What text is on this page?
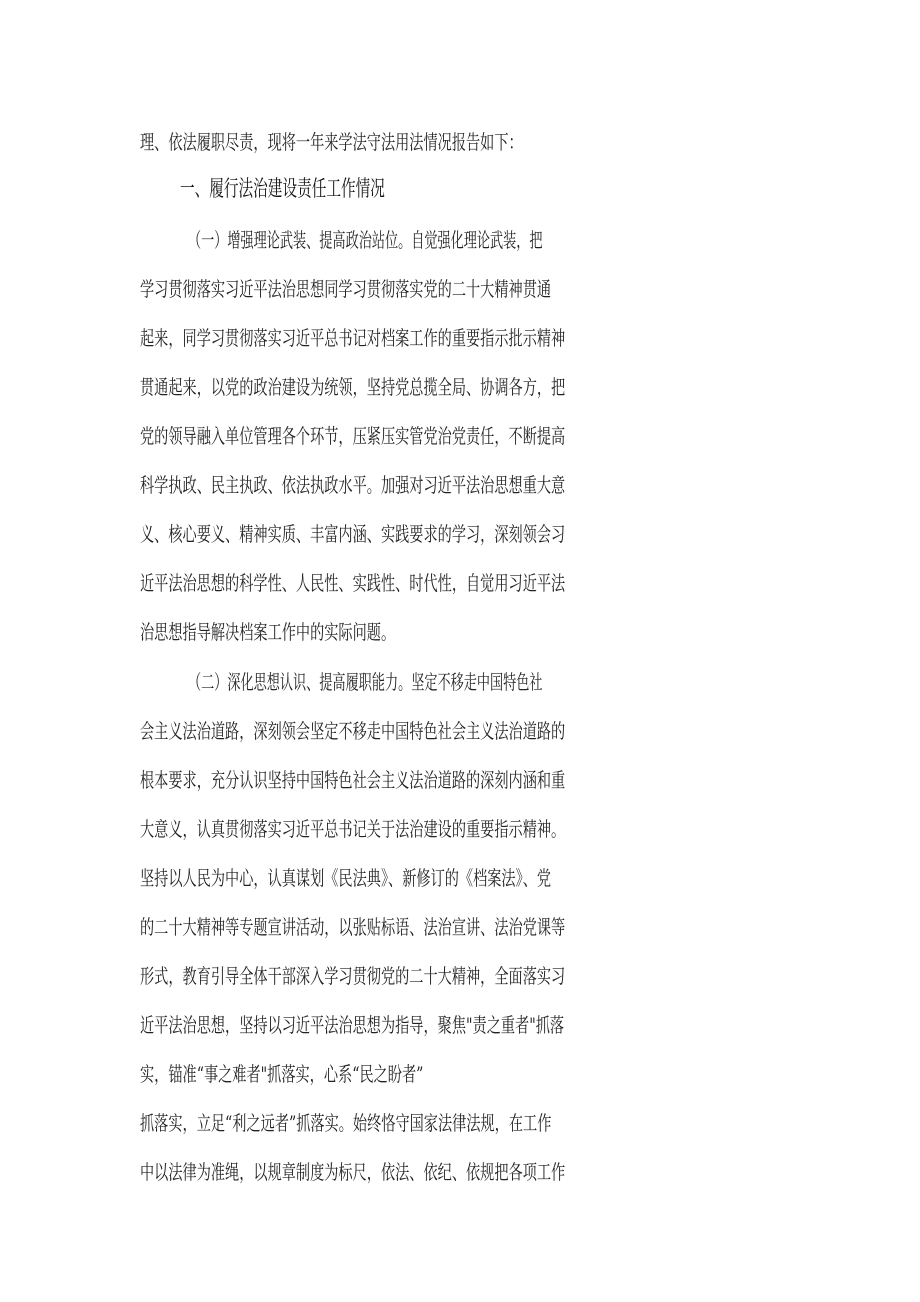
理、依法履职尽责，现将一年来学法守法用法情况报告如下：
一、履行法治建设责任工作情况
（一）增强理论武装、提高政治站位。自觉强化理论武装，把
学习贯彻落实习近平法治思想同学习贯彻落实党的二十大精神贯通
起来，同学习贯彻落实习近平总书记对档案工作的重要指示批示精神
贯通起来，以党的政治建设为统领，坚持党总揽全局、协调各方，把
党的领导融入单位管理各个环节，压紧压实管党治党责任，不断提高
科学执政、民主执政、依法执政水平。加强对习近平法治思想重大意
义、核心要义、精神实质、丰富内涵、实践要求的学习，深刻领会习
近平法治思想的科学性、人民性、实践性、时代性，自觉用习近平法
治思想指导解决档案工作中的实际问题。
（二）深化思想认识、提高履职能力。坚定不移走中国特色社
会主义法治道路，深刻领会坚定不移走中国特色社会主义法治道路的
根本要求，充分认识坚持中国特色社会主义法治道路的深刻内涵和重
大意义，认真贯彻落实习近平总书记关于法治建设的重要指示精神。
坚持以人民为中心，认真谋划《民法典》、新修订的《档案法》、党
的二十大精神等专题宣讲活动，以张贴标语、法治宣讲、法治党课等
形式，教育引导全体干部深入学习贯彻党的二十大精神，全面落实习
近平法治思想，坚持以习近平法治思想为指导，聚焦"责之重者"抓落
实，锚准“事之难者"抓落实，心系“民之盼者”
抓落实，立足“利之远者”抓落实。始终恪守国家法律法规，在工作
中以法律为准绳，以规章制度为标尺，依法、依纪、依规把各项工作
